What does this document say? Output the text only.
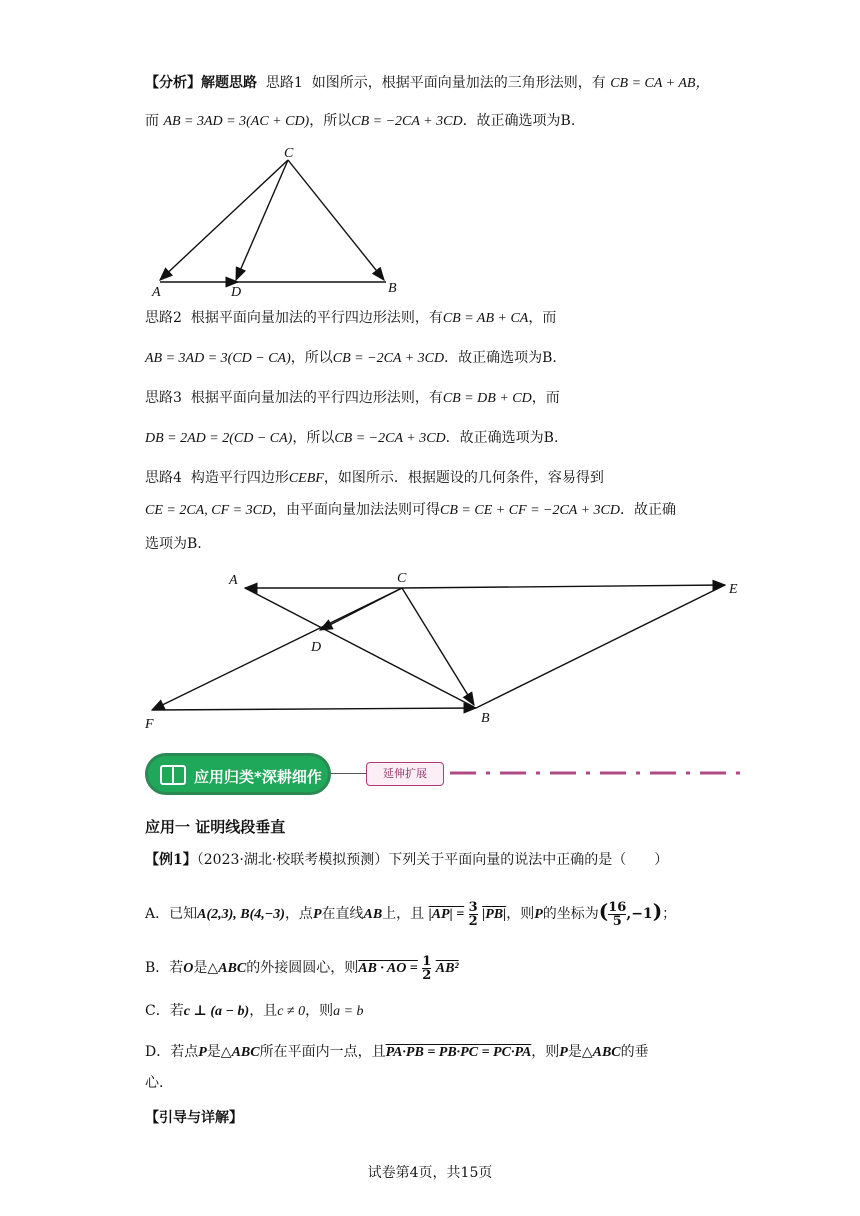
【分析】解题思路 思路1 如图所示，根据平面向量加法的三角形法则，有 CB = CA + AB，
而 AB = 3AD = 3(AC + CD)，所以CB = −2CA + 3CD．故正确选项为B.
C
A	D	B
思路2 根据平面向量加法的平行四边形法则，有CB = AB + CA，而
AB = 3AD = 3(CD − CA)，所以CB = −2CA + 3CD．故正确选项为B.
思路3 根据平面向量加法的平行四边形法则，有CB = DB + CD，而
DB = 2AD = 2(CD − CA)，所以CB = −2CA + 3CD．故正确选项为B.
思路4 构造平行四边形CEBF，如图所示．根据题设的几何条件，容易得到
CE = 2CA, CF = 3CD，由平面向量加法法则可得CB = CE + CF = −2CA + 3CD．故正确
选项为B.
A	C
E
D
F	B
应用归类*深耕细作	延伸扩展
应用一 证明线段垂直
【例1】（2023·湖北·校联考模拟预测）下列关于平面向量的说法中正确的是（　　）
A．已知A(2,3), B(4,−3)，点P在直线AB上，且 $|AP| = \frac{3}{2} |PB|$，则P的坐标为( $\frac{16}{5} ,-1$)；
B．若O是△ABC的外接圆圆心，则AB · AO = $\frac{1}{2} AB^2$
C．若c ⊥ (a − b)，且c ≠ 0，则a = b
D．若点P是△ABC所在平面内一点，且PA·PB = PB·PC = PC·PA，则P是△ABC的垂
心.
【引导与详解】
试卷第4页，共15页
